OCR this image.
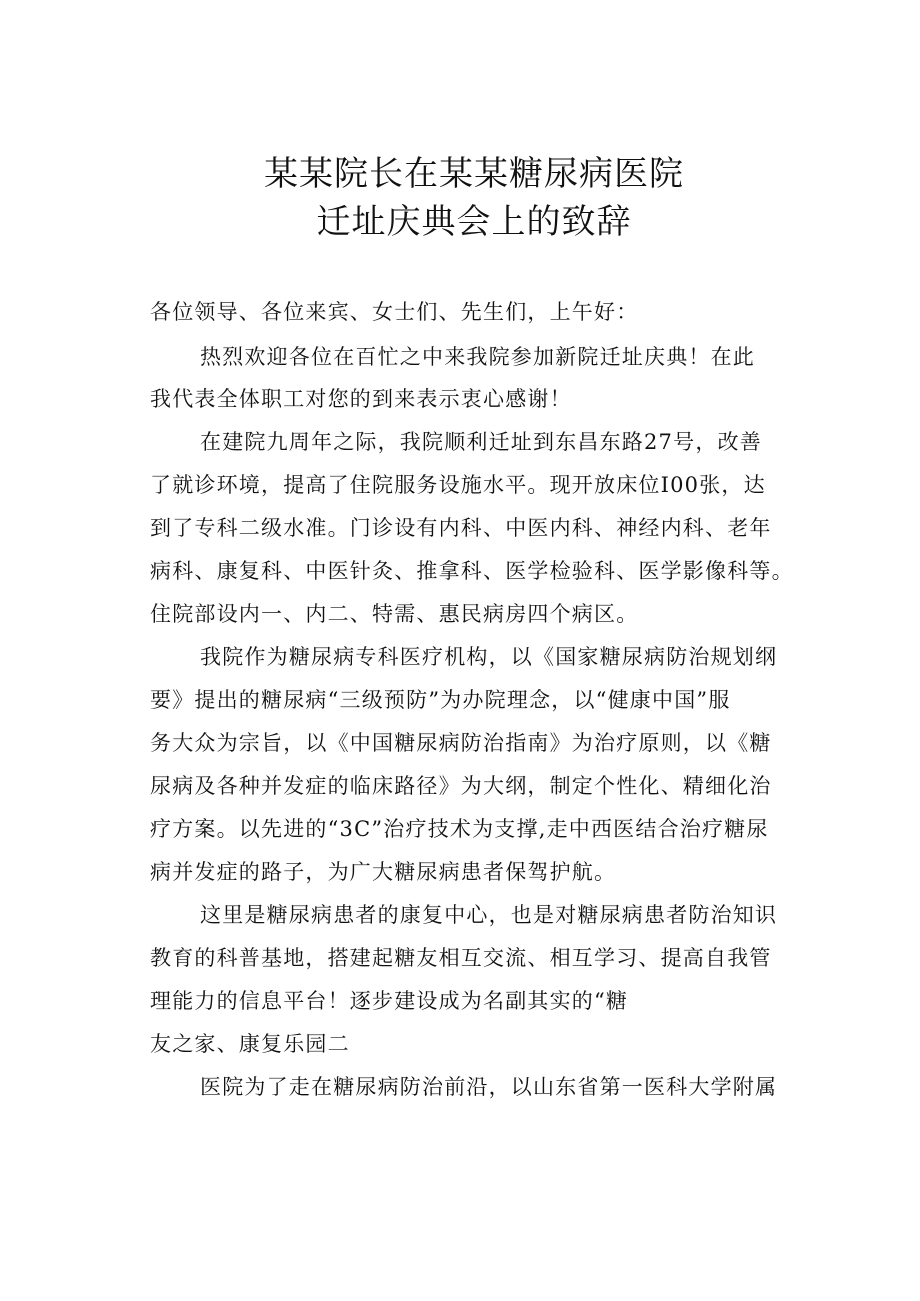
某某院长在某某糖尿病医院
迁址庆典会上的致辞
各位领导、各位来宾、女士们、先生们，上午好：
热烈欢迎各位在百忙之中来我院参加新院迁址庆典！在此
我代表全体职工对您的到来表示衷心感谢！
在建院九周年之际，我院顺利迁址到东昌东路27号，改善
了就诊环境，提高了住院服务设施水平。现开放床位I00张，达
到了专科二级水准。门诊设有内科、中医内科、神经内科、老年
病科、康复科、中医针灸、推拿科、医学检验科、医学影像科等。
住院部设内一、内二、特需、惠民病房四个病区。
我院作为糖尿病专科医疗机构，以《国家糖尿病防治规划纲
要》提出的糖尿病“三级预防”为办院理念，以“健康中国”服
务大众为宗旨，以《中国糖尿病防治指南》为治疗原则，以《糖
尿病及各种并发症的临床路径》为大纲，制定个性化、精细化治
疗方案。以先进的“3C”治疗技术为支撑,走中西医结合治疗糖尿
病并发症的路子，为广大糖尿病患者保驾护航。
这里是糖尿病患者的康复中心，也是对糖尿病患者防治知识
教育的科普基地，搭建起糖友相互交流、相互学习、提高自我管
理能力的信息平台！逐步建设成为名副其实的“糖
友之家、康复乐园二
医院为了走在糖尿病防治前沿，以山东省第一医科大学附属
